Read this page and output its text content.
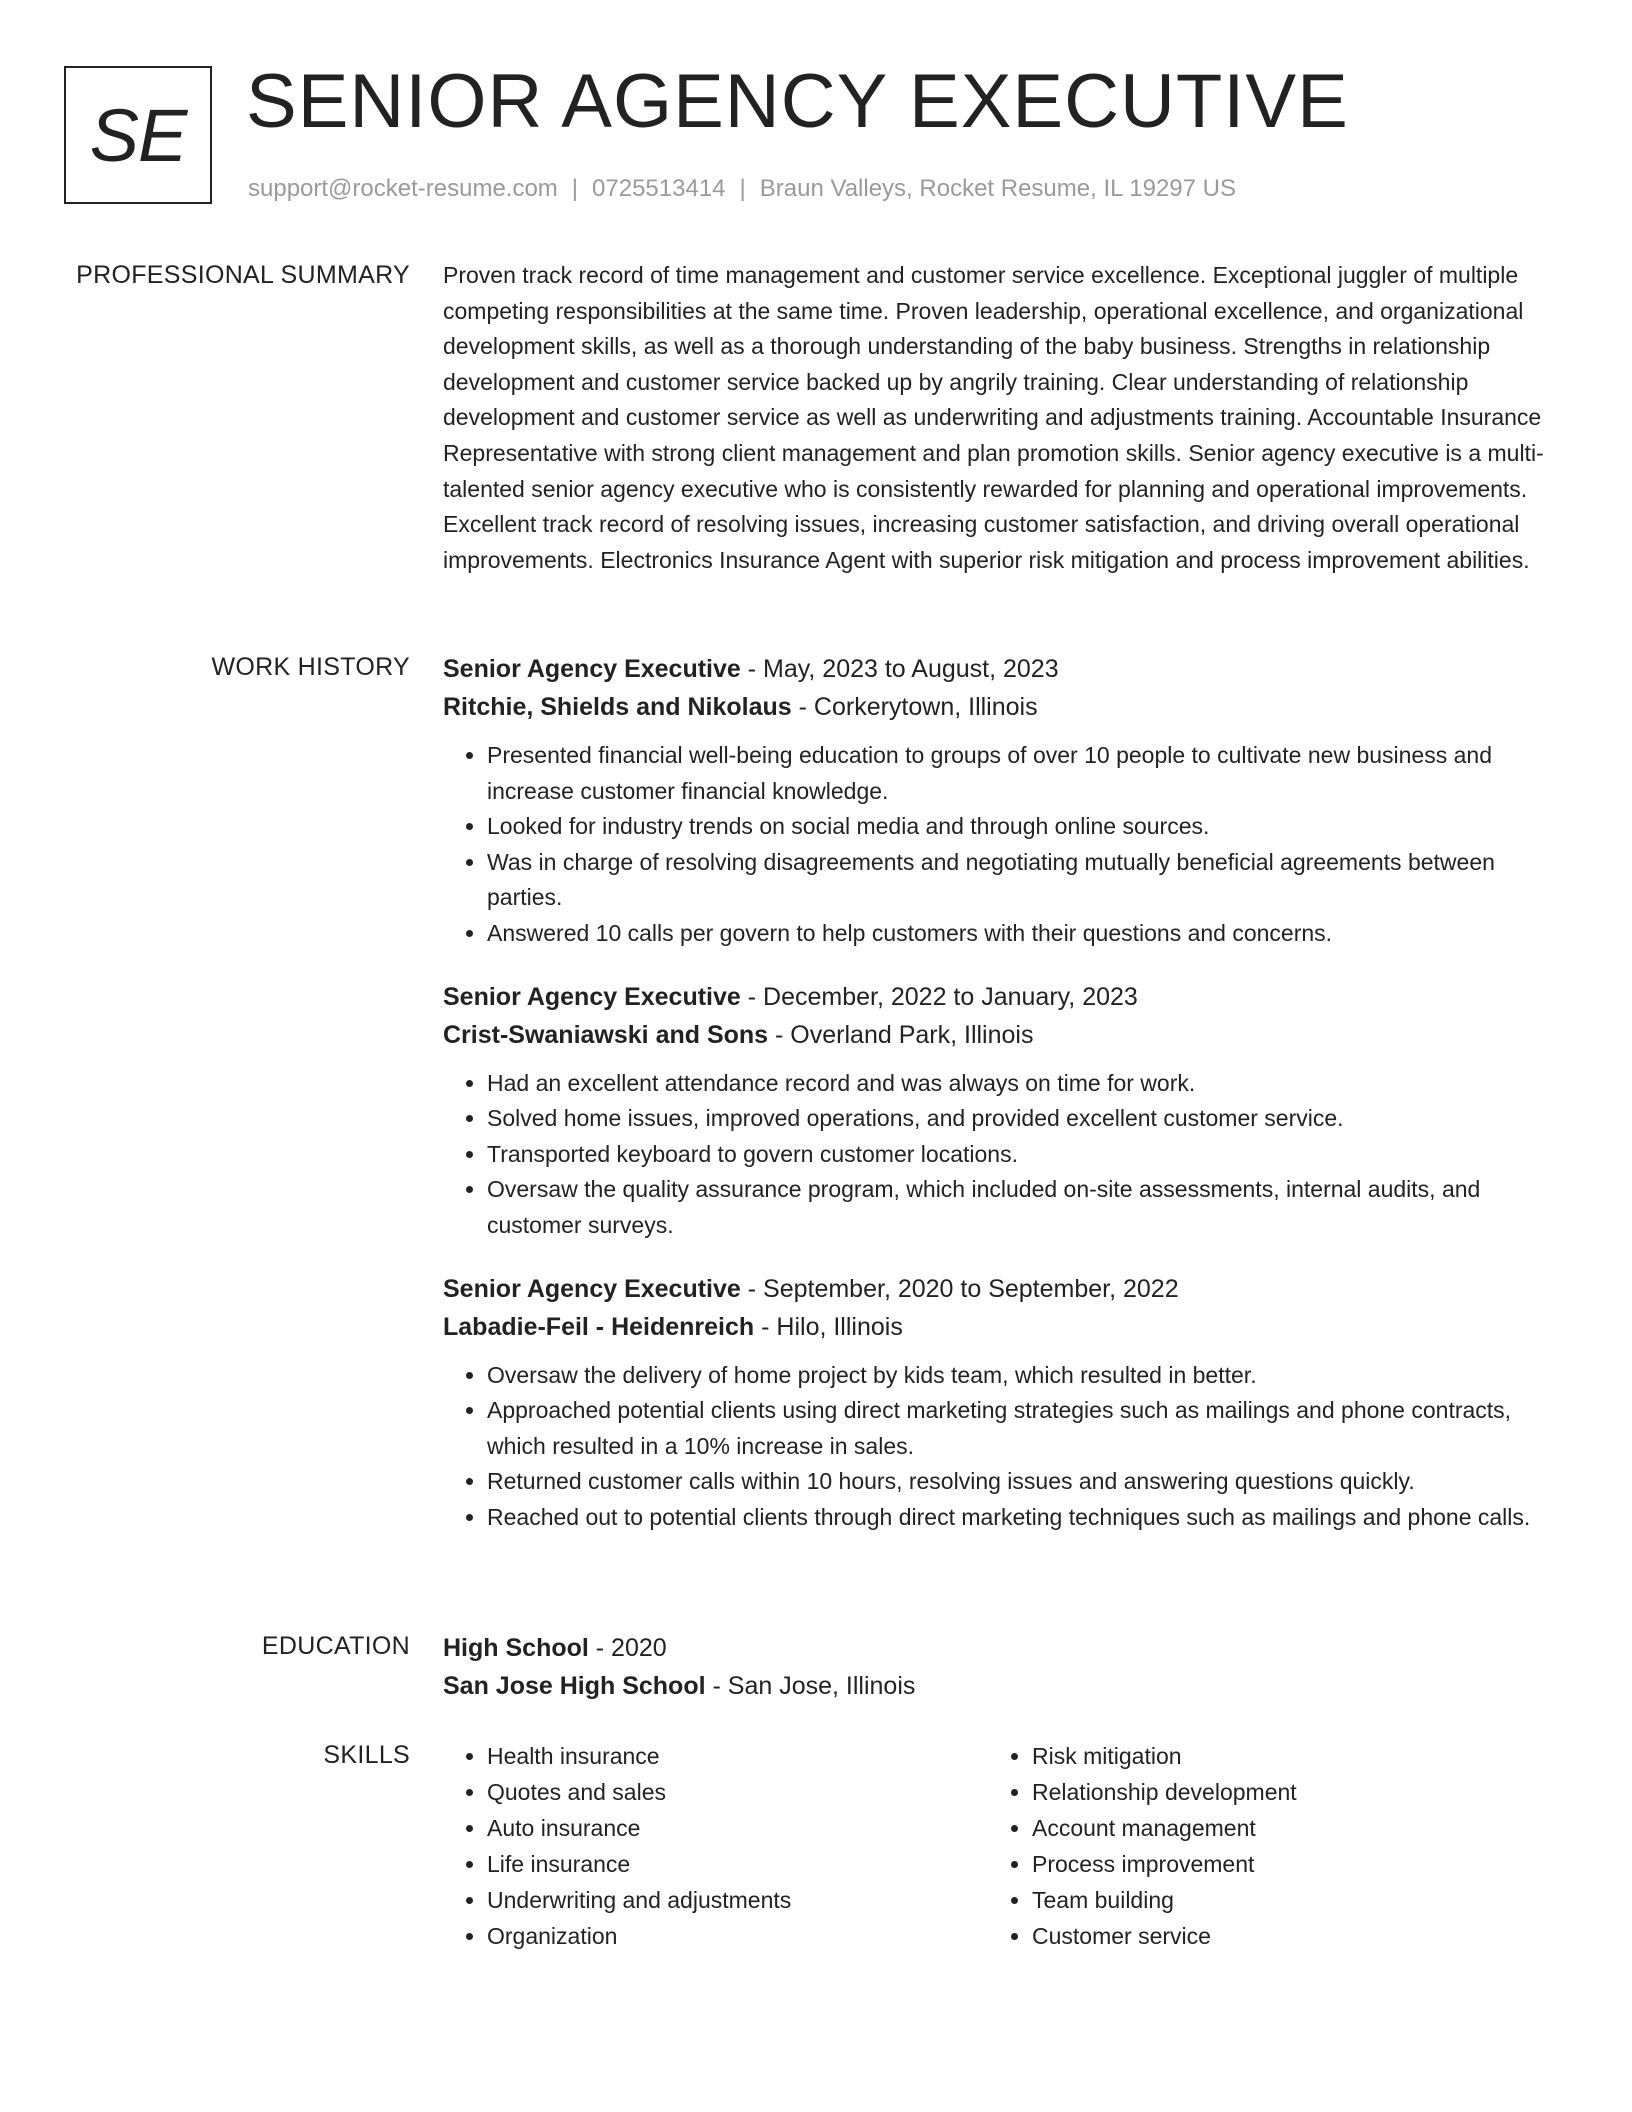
SE SENIOR AGENCY EXECUTIVE
support@rocket-resume.com | 0725513414 | Braun Valleys, Rocket Resume, IL 19297 US
PROFESSIONAL SUMMARY Proven track record of time management and customer service excellence. Exceptional juggler of multiple competing responsibilities at the same time. Proven leadership, operational excellence, and organizational development skills, as well as a thorough understanding of the baby business. Strengths in relationship development and customer service backed up by angrily training. Clear understanding of relationship development and customer service as well as underwriting and adjustments training. Accountable Insurance Representative with strong client management and plan promotion skills. Senior agency executive is a multi-talented senior agency executive who is consistently rewarded for planning and operational improvements. Excellent track record of resolving issues, increasing customer satisfaction, and driving overall operational improvements. Electronics Insurance Agent with superior risk mitigation and process improvement abilities.

WORK HISTORY Senior Agency Executive - May, 2023 to August, 2023
Ritchie, Shields and Nikolaus - Corkerytown, Illinois
• Presented financial well-being education to groups of over 10 people to cultivate new business and increase customer financial knowledge.
• Looked for industry trends on social media and through online sources.
• Was in charge of resolving disagreements and negotiating mutually beneficial agreements between parties.
• Answered 10 calls per govern to help customers with their questions and concerns.
Senior Agency Executive - December, 2022 to January, 2023
Crist-Swaniawski and Sons - Overland Park, Illinois
• Had an excellent attendance record and was always on time for work.
• Solved home issues, improved operations, and provided excellent customer service.
• Transported keyboard to govern customer locations.
• Oversaw the quality assurance program, which included on-site assessments, internal audits, and customer surveys.
Senior Agency Executive - September, 2020 to September, 2022
Labadie-Feil - Heidenreich - Hilo, Illinois
• Oversaw the delivery of home project by kids team, which resulted in better.
• Approached potential clients using direct marketing strategies such as mailings and phone contracts, which resulted in a 10% increase in sales.
• Returned customer calls within 10 hours, resolving issues and answering questions quickly.
• Reached out to potential clients through direct marketing techniques such as mailings and phone calls.
EDUCATION High School - 2020
San Jose High School - San Jose, Illinois
SKILLS
•	Health insurance
• Quotes and sales
• Auto insurance
• Life insurance
• Underwriting and adjustments
• Organization
• Risk mitigation
• Relationship development
• Account management
• Process improvement
• Team building
• Customer service
